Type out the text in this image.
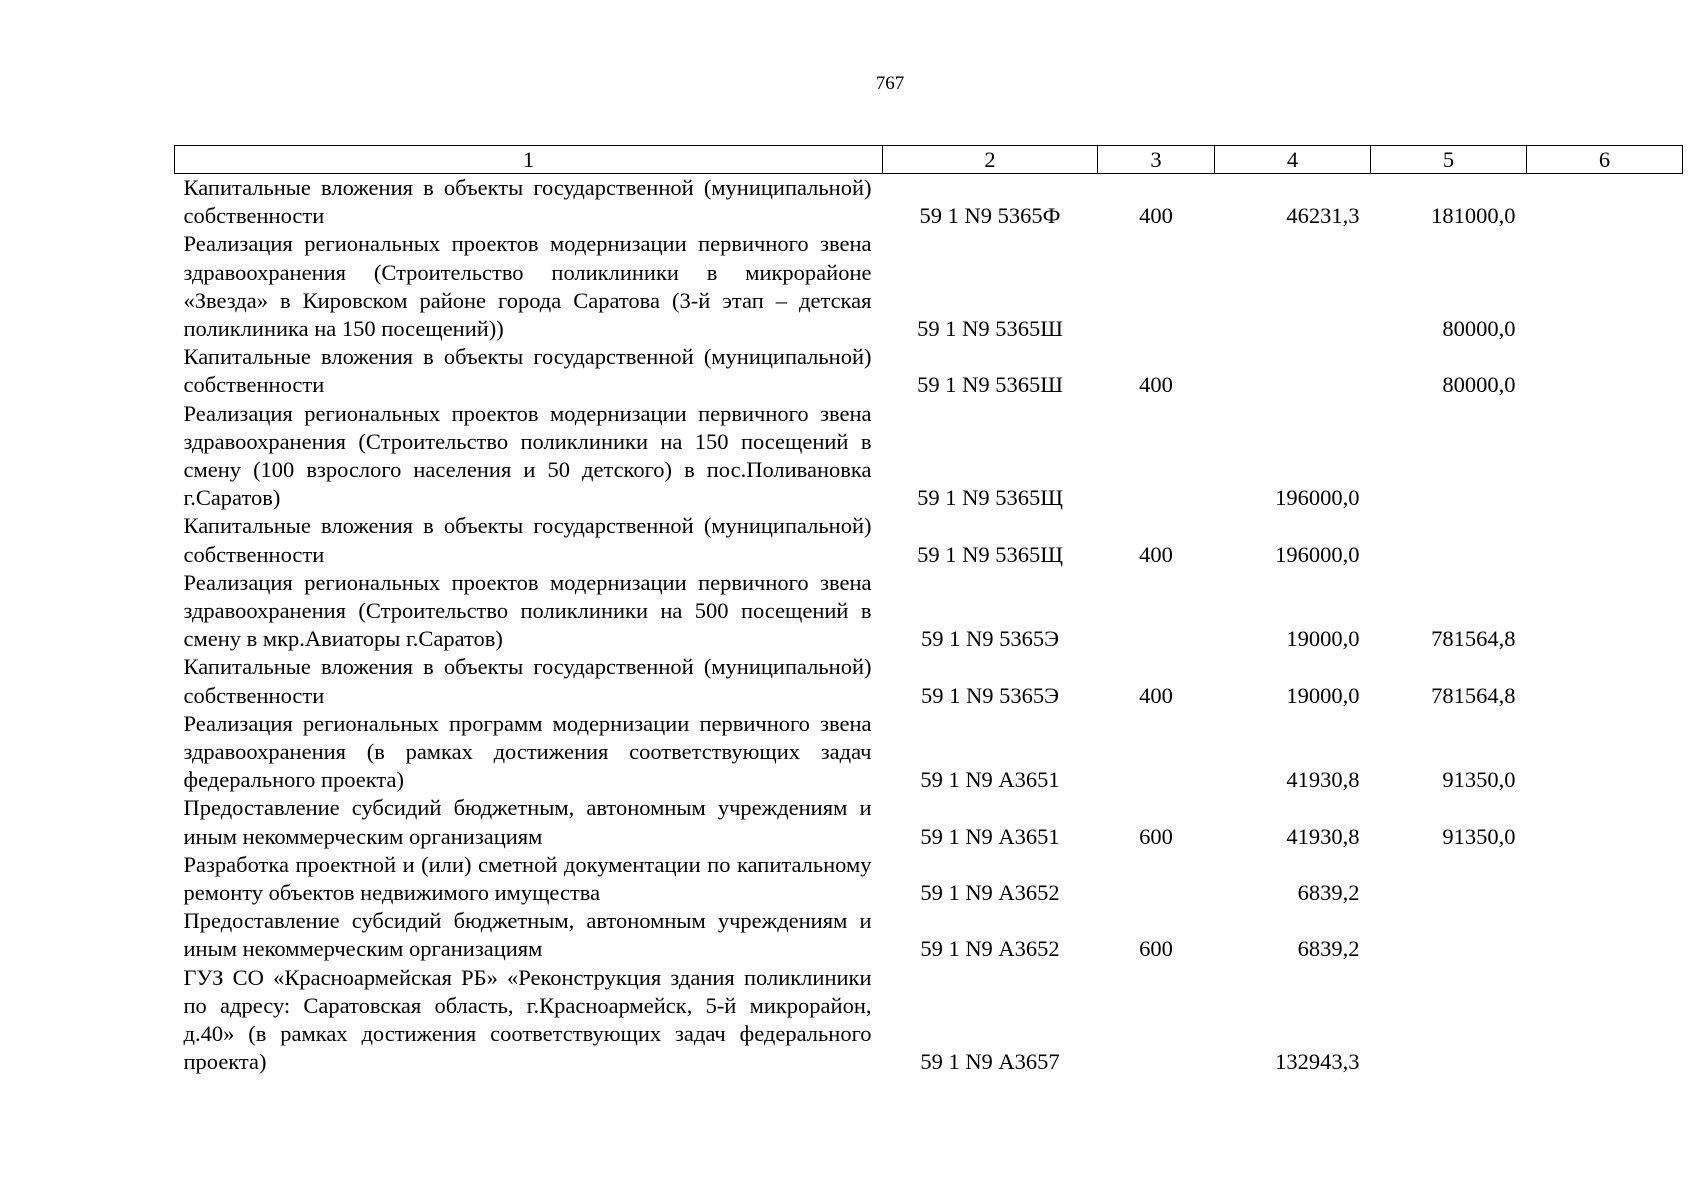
767
1	2	3	4	5	6
Капитальные вложения в объекты государственной (муниципальной) собственности	59 1 N9 5365Ф	400	46231,3	181000,0	
Реализация региональных проектов модернизации первичного звена здравоохранения (Строительство поликлиники в микрорайоне «Звезда» в Кировском районе города Саратова (3-й этап – детская поликлиника на 150 посещений))	59 1 N9 5365Ш			80000,0	
Капитальные вложения в объекты государственной (муниципальной) собственности	59 1 N9 5365Ш	400		80000,0	
Реализация региональных проектов модернизации первичного звена здравоохранения (Строительство поликлиники на 150 посещений в смену (100 взрослого населения и 50 детского) в пос.Поливановка г.Саратов)	59 1 N9 5365Щ		196000,0		
Капитальные вложения в объекты государственной (муниципальной) собственности	59 1 N9 5365Щ	400	196000,0		
Реализация региональных проектов модернизации первичного звена здравоохранения (Строительство поликлиники на 500 посещений в смену в мкр.Авиаторы г.Саратов)	59 1 N9 5365Э		19000,0	781564,8	
Капитальные вложения в объекты государственной (муниципальной) собственности	59 1 N9 5365Э	400	19000,0	781564,8	
Реализация региональных программ модернизации первичного звена здравоохранения (в рамках достижения соответствующих задач федерального проекта)	59 1 N9 А3651		41930,8	91350,0	
Предоставление субсидий бюджетным, автономным учреждениям и иным некоммерческим организациям	59 1 N9 А3651	600	41930,8	91350,0	
Разработка проектной и (или) сметной документации по капитальному ремонту объектов недвижимого имущества	59 1 N9 А3652		6839,2		
Предоставление субсидий бюджетным, автономным учреждениям и иным некоммерческим организациям	59 1 N9 А3652	600	6839,2		
ГУЗ СО «Красноармейская РБ» «Реконструкция здания поликлиники по адресу: Саратовская область, г.Красноармейск, 5-й микрорайон, д.40» (в рамках достижения соответствующих задач федерального проекта)	59 1 N9 А3657		132943,3		
